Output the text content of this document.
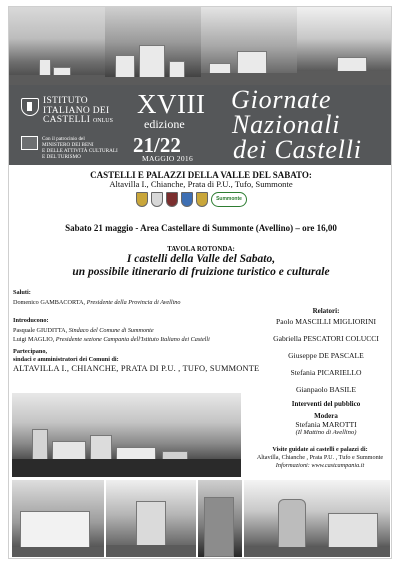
ISTITUTO
ITALIANO DEI
CASTELLI ONLUS
Con il patrocinio del
MINISTERO DEI BENI
E DELLE ATTIVITÀ CULTURALI
E DEL TURISMO
XVIII
edizione
21/22
MAGGIO 2016
Giornate
Nazionali
dei Castelli
CASTELLI E PALAZZI DELLA VALLE DEL SABATO:
Altavilla I., Chianche, Prata di P.U., Tufo, Summonte
Summonte
Sabato 21 maggio - Area Castellare di Summonte (Avellino) – ore 16,00
TAVOLA ROTONDA:
I castelli della Valle del Sabato,
un possibile itinerario di fruizione turistico e culturale
Saluti:
Domenico GAMBACORTA, Presidente della Provincia di Avellino
Introducono:
Pasquale GIUDITTA, Sindaco del Comune di Summonte
Luigi MAGLIO, Presidente sezione Campania dell'Istituto Italiano dei Castelli
Partecipano,
sindaci e amministratori dei Comuni di:
ALTAVILLA I., CHIANCHE, PRATA DI P.U. , TUFO, SUMMONTE
Relatori:
Paolo MASCILLI MIGLIORINI
Gabriella PESCATORI COLUCCI
Giuseppe DE PASCALE
Stefania PICARIELLO
Gianpaolo BASILE
Interventi del pubblico
Modera
Stefania MAROTTI
(Il Mattino di Avellino)
Visite guidate ai castelli e palazzi di:
Altavilla, Chianche , Prata P.U. , Tufo e Summonte
Informazioni: www.castcampania.it
